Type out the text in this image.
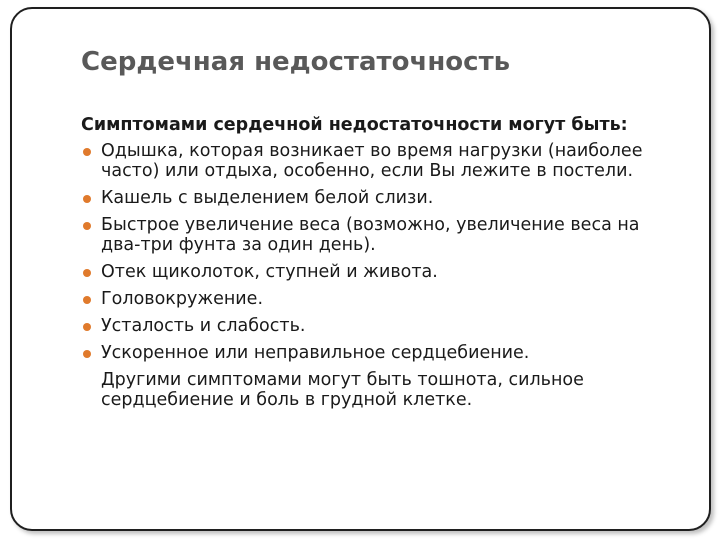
Сердечная недостаточность

Симптомами сердечной недостаточности могут быть:

Одышка, которая возникает во время нагрузки (наиболее часто) или отдыха, особенно, если Вы лежите в постели.
Кашель с выделением белой слизи.
Быстрое увеличение веса (возможно, увеличение веса на два-три фунта за один день).
Отек щиколоток, ступней и живота.
Головокружение.
Усталость и слабость.
Ускоренное или неправильное сердцебиение.

Другими симптомами могут быть тошнота, сильное сердцебиение и боль в грудной клетке.
